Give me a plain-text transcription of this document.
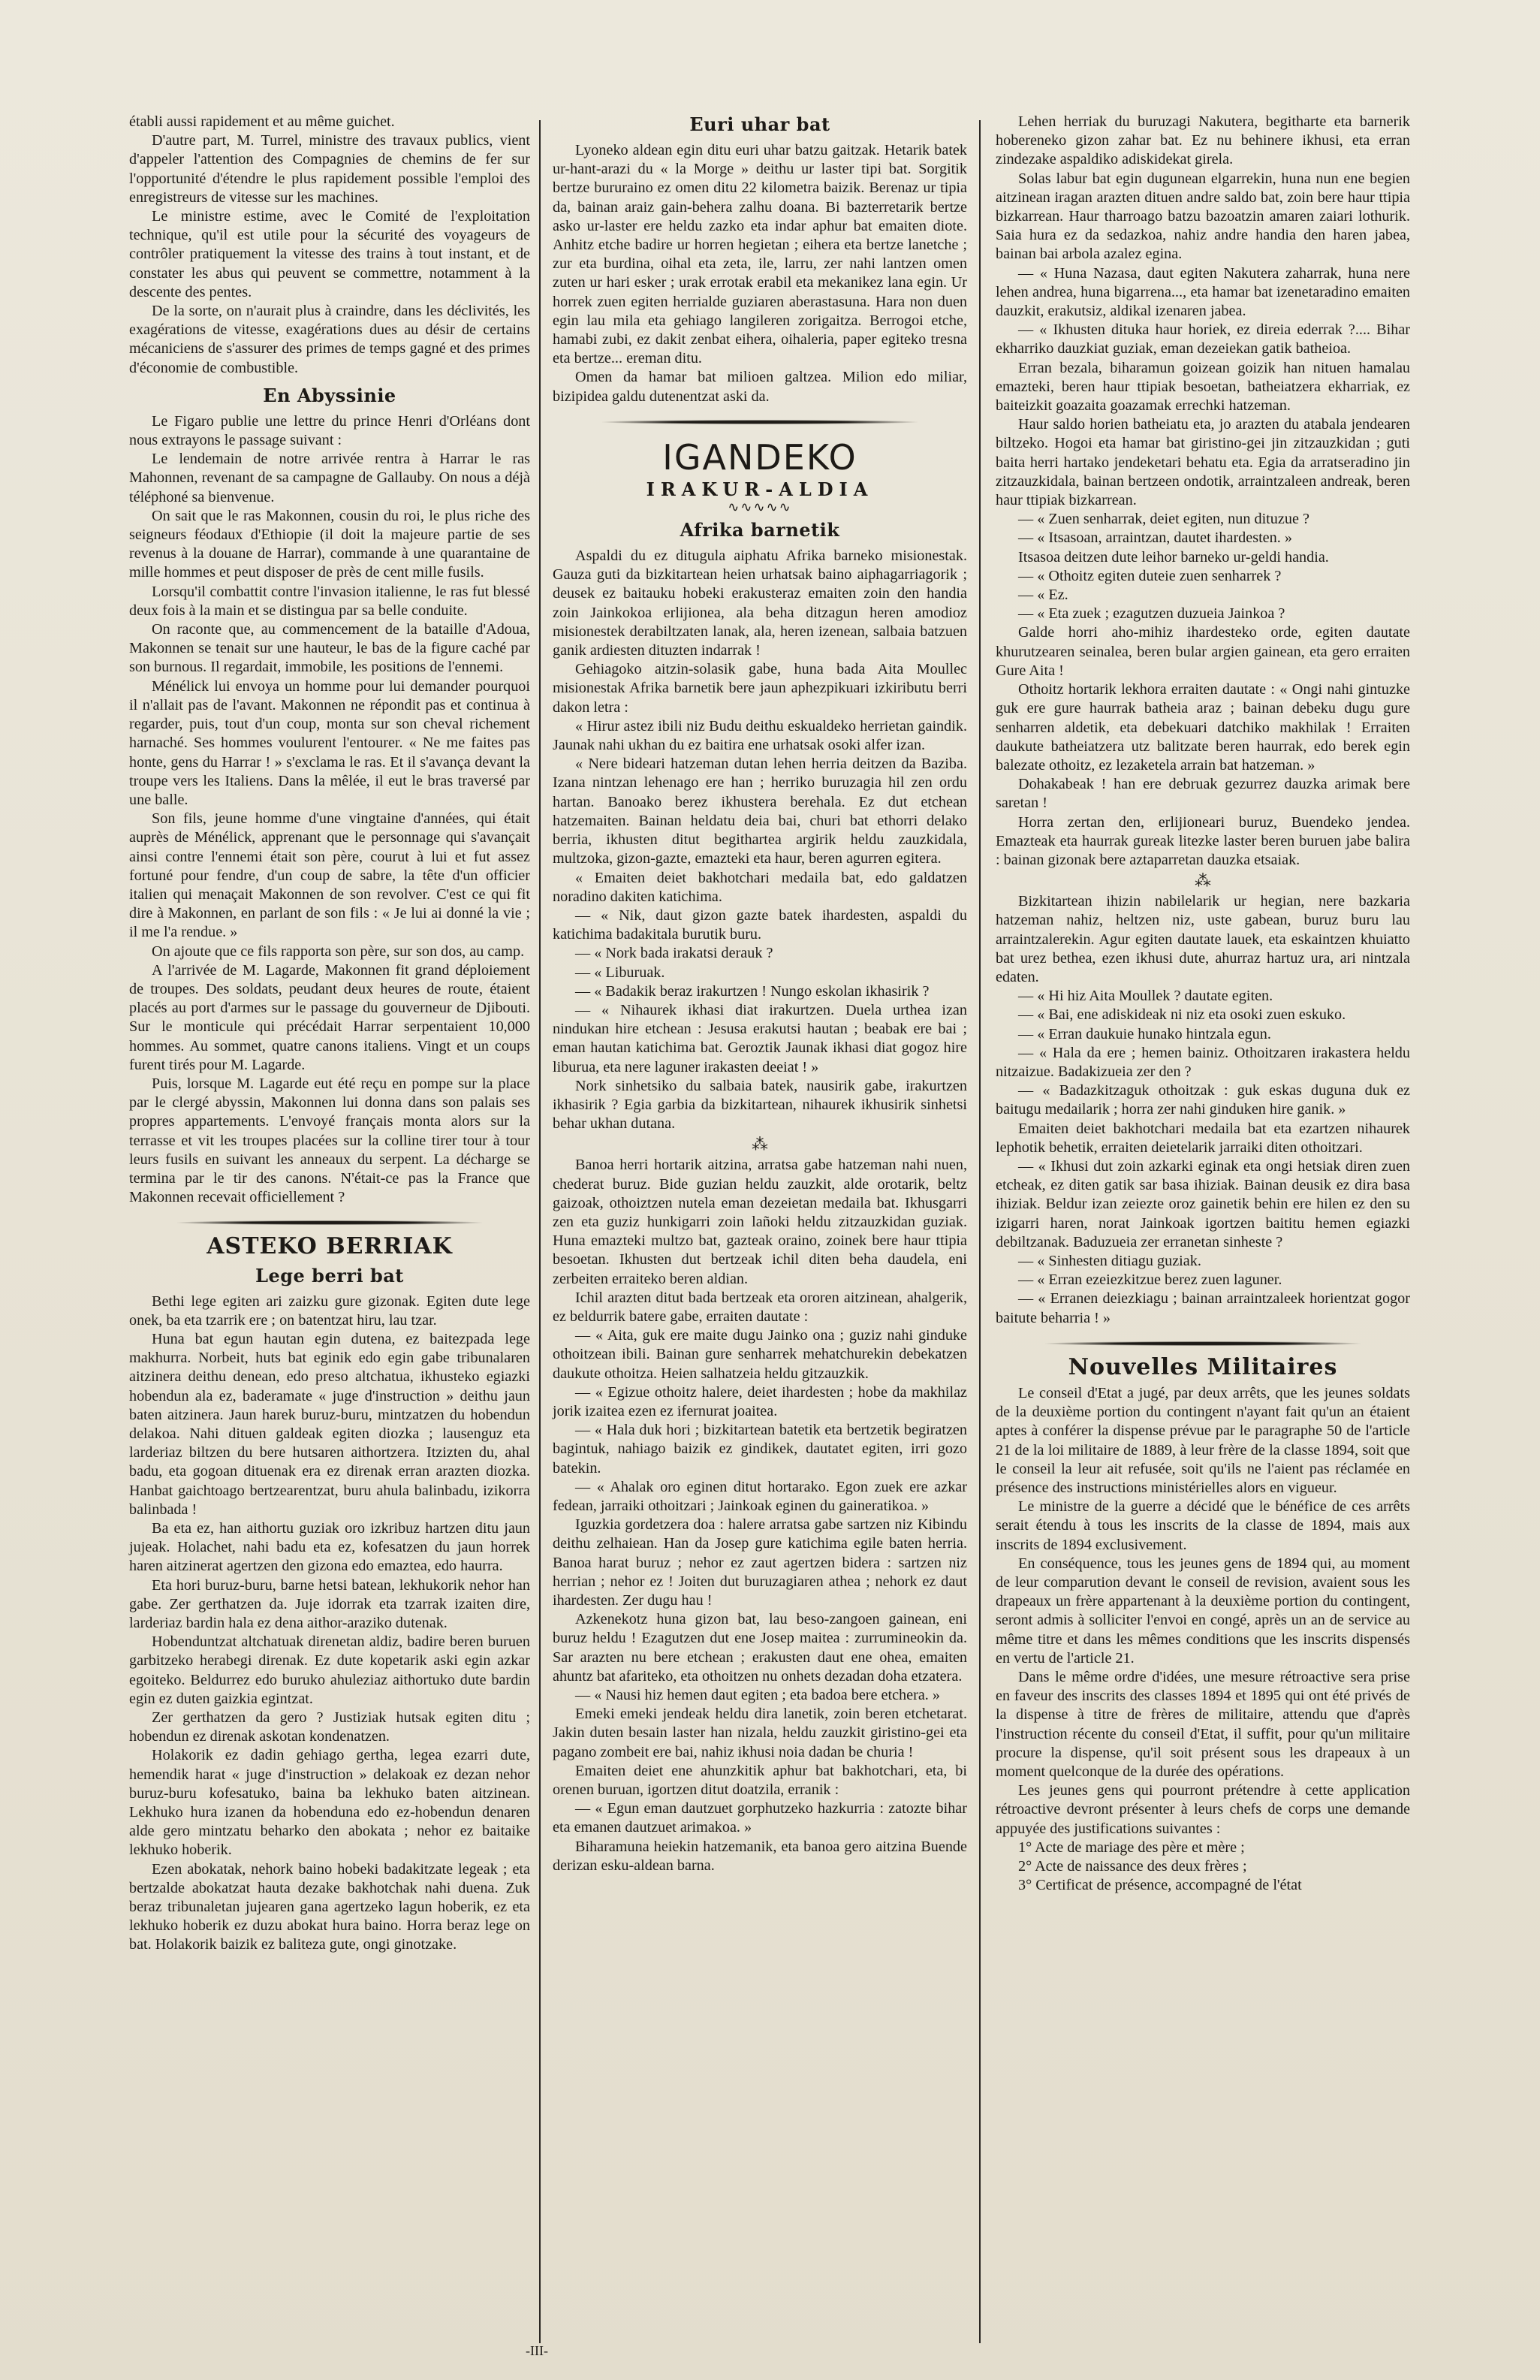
établi aussi rapidement et au même guichet.

D'autre part, M. Turrel, ministre des travaux publics, vient d'appeler l'attention des Compagnies de chemins de fer sur l'opportunité d'étendre le plus rapidement possible l'emploi des enregistreurs de vitesse sur les machines.

Le ministre estime, avec le Comité de l'exploitation technique, qu'il est utile pour la sécurité des voyageurs de contrôler pratiquement la vitesse des trains à tout instant, et de constater les abus qui peuvent se commettre, notamment à la descente des pentes.

De la sorte, on n'aurait plus à craindre, dans les déclivités, les exagérations de vitesse, exagérations dues au désir de certains mécaniciens de s'assurer des primes de temps gagné et des primes d'économie de combustible.

En Abyssinie

Le Figaro publie une lettre du prince Henri d'Orléans dont nous extrayons le passage suivant :

Le lendemain de notre arrivée rentra à Harrar le ras Mahonnen, revenant de sa campagne de Gallauby. On nous a déjà téléphoné sa bienvenue.

On sait que le ras Makonnen, cousin du roi, le plus riche des seigneurs féodaux d'Ethiopie (il doit la majeure partie de ses revenus à la douane de Harrar), commande à une quarantaine de mille hommes et peut disposer de près de cent mille fusils.

Lorsqu'il combattit contre l'invasion italienne, le ras fut blessé deux fois à la main et se distingua par sa belle conduite.

On raconte que, au commencement de la bataille d'Adoua, Makonnen se tenait sur une hauteur, le bas de la figure caché par son burnous. Il regardait, immobile, les positions de l'ennemi.

Ménélick lui envoya un homme pour lui demander pourquoi il n'allait pas de l'avant. Makonnen ne répondit pas et continua à regarder, puis, tout d'un coup, monta sur son cheval richement harnaché. Ses hommes voulurent l'entourer. « Ne me faites pas honte, gens du Harrar ! » s'exclama le ras. Et il s'avança devant la troupe vers les Italiens. Dans la mêlée, il eut le bras traversé par une balle.

Son fils, jeune homme d'une vingtaine d'années, qui était auprès de Ménélick, apprenant que le personnage qui s'avançait ainsi contre l'ennemi était son père, courut à lui et fut assez fortuné pour fendre, d'un coup de sabre, la tête d'un officier italien qui menaçait Makonnen de son revolver. C'est ce qui fit dire à Makonnen, en parlant de son fils : « Je lui ai donné la vie ; il me l'a rendue. »

On ajoute que ce fils rapporta son père, sur son dos, au camp.

A l'arrivée de M. Lagarde, Makonnen fit grand déploiement de troupes. Des soldats, peudant deux heures de route, étaient placés au port d'armes sur le passage du gouverneur de Djibouti. Sur le monticule qui précédait Harrar serpentaient 10,000 hommes. Au sommet, quatre canons italiens. Vingt et un coups furent tirés pour M. Lagarde.

Puis, lorsque M. Lagarde eut été reçu en pompe sur la place par le clergé abyssin, Makonnen lui donna dans son palais ses propres appartements. L'envoyé français monta alors sur la terrasse et vit les troupes placées sur la colline tirer tour à tour leurs fusils en suivant les anneaux du serpent. La décharge se termina par le tir des canons. N'était-ce pas la France que Makonnen recevait officiellement ?

ASTEKO BERRIAK
Lege berri bat

Bethi lege egiten ari zaizku gure gizonak. Egiten dute lege onek, ba eta tzarrik ere ; on batentzat hiru, lau tzar.

Huna bat egun hautan egin dutena, ez baitezpada lege makhurra. Norbeit, huts bat eginik edo egin gabe tribunalaren aitzinera deithu denean, edo preso altchatua, ikhusteko egiazki hobendun ala ez, baderamate « juge d'instruction » deithu jaun baten aitzinera. Jaun harek buruz-buru, mintzatzen du hobendun delakoa. Nahi dituen galdeak egiten diozka ; lausenguz eta larderiaz biltzen du bere hutsaren aithortzera. Itzizten du, ahal badu, eta gogoan dituenak era ez direnak erran arazten diozka. Hanbat gaichtoago bertzearentzat, buru ahula balinbadu, izikorra balinbada !

Ba eta ez, han aithortu guziak oro izkribuz hartzen ditu jaun jujeak. Holachet, nahi badu eta ez, kofesatzen du jaun horrek haren aitzinerat agertzen den gizona edo emaztea, edo haurra.

Eta hori buruz-buru, barne hetsi batean, lekhukorik nehor han gabe. Zer gerthatzen da. Juje idorrak eta tzarrak izaiten dire, larderiaz bardin hala ez dena aithor-araziko dutenak.

Hobenduntzat altchatuak direnetan aldiz, badire beren buruen garbitzeko herabegi direnak. Ez dute kopetarik aski egin azkar egoiteko. Beldurrez edo buruko ahuleziaz aithortuko dute bardin egin ez duten gaizkia egintzat.

Zer gerthatzen da gero ? Justiziak hutsak egiten ditu ; hobendun ez direnak askotan kondenatzen.

Holakorik ez dadin gehiago gertha, legea ezarri dute, hemendik harat « juge d'instruction » delakoak ez dezan nehor buruz-buru kofesatuko, baina ba lekhuko baten aitzinean. Lekhuko hura izanen da hobenduna edo ez-hobendun denaren alde gero mintzatu beharko den abokata ; nehor ez baitaike lekhuko hoberik.

Ezen abokatak, nehork baino hobeki badakitzate legeak ; eta bertzalde abokatzat hauta dezake bakhotchak nahi duena. Zuk beraz tribunaletan jujearen gana agertzeko lagun hoberik, ez eta lekhuko hoberik ez duzu abokat hura baino. Horra beraz lege on bat. Holakorik baizik ez baliteza gute, ongi ginotzake.

Euri uhar bat

Lyoneko aldean egin ditu euri uhar batzu gaitzak. Hetarik batek ur-hant-arazi du « la Morge » deithu ur laster tipi bat. Sorgitik bertze bururaino ez omen ditu 22 kilometra baizik. Berenaz ur tipia da, bainan araiz gain-behera zalhu doana. Bi bazterretarik bertze asko ur-laster ere heldu zazko eta indar aphur bat emaiten diote. Anhitz etche badire ur horren hegietan ; eihera eta bertze lanetche ; zur eta burdina, oihal eta zeta, ile, larru, zer nahi lantzen omen zuten ur hari esker ; urak errotak erabil eta mekanikez lana egin. Ur horrek zuen egiten herrialde guziaren aberastasuna. Hara non duen egin lau mila eta gehiago langileren zorigaitza. Berrogoi etche, hamabi zubi, ez dakit zenbat eihera, oihaleria, paper egiteko tresna eta bertze... ereman ditu.

Omen da hamar bat milioen galtzea. Milion edo miliar, bizipidea galdu dutenentzat aski da.

IGANDEKO
IRAKUR-ALDIA
∿∿∿∿∿
Afrika barnetik

Aspaldi du ez ditugula aiphatu Afrika barneko misionestak. Gauza guti da bizkitartean heien urhatsak baino aiphagarriagorik ; deusek ez baitauku hobeki erakusteraz emaiten zoin den handia zoin Jainkokoa erlijionea, ala beha ditzagun heren amodioz misionestek derabiltzaten lanak, ala, heren izenean, salbaia batzuen ganik ardiesten dituzten indarrak !

Gehiagoko aitzin-solasik gabe, huna bada Aita Moullec misionestak Afrika barnetik bere jaun aphezpikuari izkiributu berri dakon letra :

« Hirur astez ibili niz Budu deithu eskualdeko herrietan gaindik. Jaunak nahi ukhan du ez baitira ene urhatsak osoki alfer izan.

« Nere bideari hatzeman dutan lehen herria deitzen da Baziba. Izana nintzan lehenago ere han ; herriko buruzagia hil zen ordu hartan. Banoako berez ikhustera berehala. Ez dut etchean hatzemaiten. Bainan heldatu deia bai, churi bat ethorri delako berria, ikhusten ditut begithartea argirik heldu zauzkidala, multzoka, gizon-gazte, emazteki eta haur, beren agurren egitera.

« Emaiten deiet bakhotchari medaila bat, edo galdatzen noradino dakiten katichima.

— « Nik, daut gizon gazte batek ihardesten, aspaldi du katichima badakitala burutik buru.

— « Nork bada irakatsi derauk ?

— « Liburuak.

— « Badakik beraz irakurtzen ! Nungo eskolan ikhasirik ?

— « Nihaurek ikhasi diat irakurtzen. Duela urthea izan nindukan hire etchean : Jesusa erakutsi hautan ; beabak ere bai ; eman hautan katichima bat. Geroztik Jaunak ikhasi diat gogoz hire liburua, eta nere laguner irakasten deeiat ! »

Nork sinhetsiko du salbaia batek, nausirik gabe, irakurtzen ikhasirik ? Egia garbia da bizkitartean, nihaurek ikhusirik sinhetsi behar ukhan dutana.

⁂

Banoa herri hortarik aitzina, arratsa gabe hatzeman nahi nuen, chederat buruz. Bide guzian heldu zauzkit, alde orotarik, beltz gaizoak, othoiztzen nutela eman dezeietan medaila bat. Ikhusgarri zen eta guziz hunkigarri zoin lañoki heldu zitzauzkidan guziak. Huna emazteki multzo bat, gazteak oraino, zoinek bere haur ttipia besoetan. Ikhusten dut bertzeak ichil diten beha daudela, eni zerbeiten erraiteko beren aldian.

Ichil arazten ditut bada bertzeak eta ororen aitzinean, ahalgerik, ez beldurrik batere gabe, erraiten dautate :

— « Aita, guk ere maite dugu Jainko ona ; guziz nahi ginduke othoitzean ibili. Bainan gure senharrek mehatchurekin debekatzen daukute othoitza. Heien salhatzeia heldu gitzauzkik.

— « Egizue othoitz halere, deiet ihardesten ; hobe da makhilaz jorik izaitea ezen ez ifernurat joaitea.

— « Hala duk hori ; bizkitartean batetik eta bertzetik begiratzen bagintuk, nahiago baizik ez gindikek, dautatet egiten, irri gozo batekin.

— « Ahalak oro eginen ditut hortarako. Egon zuek ere azkar fedean, jarraiki othoitzari ; Jainkoak eginen du gaineratikoa. »

Iguzkia gordetzera doa : halere arratsa gabe sartzen niz Kibindu deithu zelhaiean. Han da Josep gure katichima egile baten herria. Banoa harat buruz ; nehor ez zaut agertzen bidera : sartzen niz herrian ; nehor ez ! Joiten dut buruzagiaren athea ; nehork ez daut ihardesten. Zer dugu hau !

Azkenekotz huna gizon bat, lau beso-zangoen gainean, eni buruz heldu ! Ezagutzen dut ene Josep maitea : zurrumineokin da. Sar arazten nu bere etchean ; erakusten daut ene ohea, emaiten ahuntz bat afariteko, eta othoitzen nu onhets dezadan doha etzatera.

— « Nausi hiz hemen daut egiten ; eta badoa bere etchera. »

Emeki emeki jendeak heldu dira lanetik, zoin beren etchetarat. Jakin duten besain laster han nizala, heldu zauzkit giristino-gei eta pagano zombeit ere bai, nahiz ikhusi noia dadan be churia !

Emaiten deiet ene ahunzkitik aphur bat bakhotchari, eta, bi orenen buruan, igortzen ditut doatzila, erranik :

— « Egun eman dautzuet gorphutzeko hazkurria : zatozte bihar eta emanen dautzuet arimakoa. »

Biharamuna heiekin hatzemanik, eta banoa gero aitzina Buende derizan esku-aldean barna.

Lehen herriak du buruzagi Nakutera, begitharte eta barnerik hobereneko gizon zahar bat. Ez nu behinere ikhusi, eta erran zindezake aspaldiko adiskidekat girela.

Solas labur bat egin dugunean elgarrekin, huna nun ene begien aitzinean iragan arazten dituen andre saldo bat, zoin bere haur ttipia bizkarrean. Haur tharroago batzu bazoatzin amaren zaiari lothurik. Saia hura ez da sedazkoa, nahiz andre handia den haren jabea, bainan bai arbola azalez egina.

— « Huna Nazasa, daut egiten Nakutera zaharrak, huna nere lehen andrea, huna bigarrena..., eta hamar bat izenetaradino emaiten dauzkit, erakutsiz, aldikal izenaren jabea.

— « Ikhusten dituka haur horiek, ez direia ederrak ?.... Bihar ekharriko dauzkiat guziak, eman dezeiekan gatik batheioa.

Erran bezala, biharamun goizean goizik han nituen hamalau emazteki, beren haur ttipiak besoetan, batheiatzera ekharriak, ez baiteizkit goazaita goazamak errechki hatzeman.

Haur saldo horien batheiatu eta, jo arazten du atabala jendearen biltzeko. Hogoi eta hamar bat giristino-gei jin zitzauzkidan ; guti baita herri hartako jendeketari behatu eta. Egia da arratseradino jin zitzauzkidala, bainan bertzeen ondotik, arraintzaleen andreak, beren haur ttipiak bizkarrean.

— « Zuen senharrak, deiet egiten, nun dituzue ?

— « Itsasoan, arraintzan, dautet ihardesten. »

Itsasoa deitzen dute leihor barneko ur-geldi handia.

— « Othoitz egiten duteie zuen senharrek ?

— « Ez.

— « Eta zuek ; ezagutzen duzueia Jainkoa ?

Galde horri aho-mihiz ihardesteko orde, egiten dautate khurutzearen seinalea, beren bular argien gainean, eta gero erraiten Gure Aita !

Othoitz hortarik lekhora erraiten dautate : « Ongi nahi gintuzke guk ere gure haurrak batheia araz ; bainan debeku dugu gure senharren aldetik, eta debekuari datchiko makhilak ! Erraiten daukute batheiatzera utz balitzate beren haurrak, edo berek egin balezate othoitz, ez lezaketela arrain bat hatzeman. »

Dohakabeak ! han ere debruak gezurrez dauzka arimak bere saretan !

Horra zertan den, erlijioneari buruz, Buendeko jendea. Emazteak eta haurrak gureak litezke laster beren buruen jabe balira : bainan gizonak bere aztaparretan dauzka etsaiak.

⁂

Bizkitartean ihizin nabilelarik ur hegian, nere bazkaria hatzeman nahiz, heltzen niz, uste gabean, buruz buru lau arraintzalerekin. Agur egiten dautate lauek, eta eskaintzen khuiatto bat urez bethea, ezen ikhusi dute, ahurraz hartuz ura, ari nintzala edaten.

— « Hi hiz Aita Moullek ? dautate egiten.

— « Bai, ene adiskideak ni niz eta osoki zuen eskuko.

— « Erran daukuie hunako hintzala egun.

— « Hala da ere ; hemen bainiz. Othoitzaren irakastera heldu nitzaizue. Badakizueia zer den ?

— « Badazkitzaguk othoitzak : guk eskas duguna duk ez baitugu medailarik ; horra zer nahi ginduken hire ganik. »

Emaiten deiet bakhotchari medaila bat eta ezartzen nihaurek lephotik behetik, erraiten deietelarik jarraiki diten othoitzari.

— « Ikhusi dut zoin azkarki eginak eta ongi hetsiak diren zuen etcheak, ez diten gatik sar basa ihiziak. Bainan deusik ez dira basa ihiziak. Beldur izan zeiezte oroz gainetik behin ere hilen ez den su izigarri haren, norat Jainkoak igortzen baititu hemen egiazki debiltzanak. Baduzueia zer erranetan sinheste ?

— « Sinhesten ditiagu guziak.

— « Erran ezeiezkitzue berez zuen laguner.

— « Erranen deiezkiagu ; bainan arraintzaleek horientzat gogor baitute beharria ! »

Nouvelles Militaires

Le conseil d'Etat a jugé, par deux arrêts, que les jeunes soldats de la deuxième portion du contingent n'ayant fait qu'un an étaient aptes à conférer la dispense prévue par le paragraphe 50 de l'article 21 de la loi militaire de 1889, à leur frère de la classe 1894, soit que le conseil la leur ait refusée, soit qu'ils ne l'aient pas réclamée en présence des instructions ministérielles alors en vigueur.

Le ministre de la guerre a décidé que le bénéfice de ces arrêts serait étendu à tous les inscrits de la classe de 1894, mais aux inscrits de 1894 exclusivement.

En conséquence, tous les jeunes gens de 1894 qui, au moment de leur comparution devant le conseil de revision, avaient sous les drapeaux un frère appartenant à la deuxième portion du contingent, seront admis à solliciter l'envoi en congé, après un an de service au même titre et dans les mêmes conditions que les inscrits dispensés en vertu de l'article 21.

Dans le même ordre d'idées, une mesure rétroactive sera prise en faveur des inscrits des classes 1894 et 1895 qui ont été privés de la dispense à titre de frères de militaire, attendu que d'après l'instruction récente du conseil d'Etat, il suffit, pour qu'un militaire procure la dispense, qu'il soit présent sous les drapeaux à un moment quelconque de la durée des opérations.

Les jeunes gens qui pourront prétendre à cette application rétroactive devront présenter à leurs chefs de corps une demande appuyée des justifications suivantes :

1° Acte de mariage des père et mère ;

2° Acte de naissance des deux frères ;

3° Certificat de présence, accompagné de l'état

-III-
